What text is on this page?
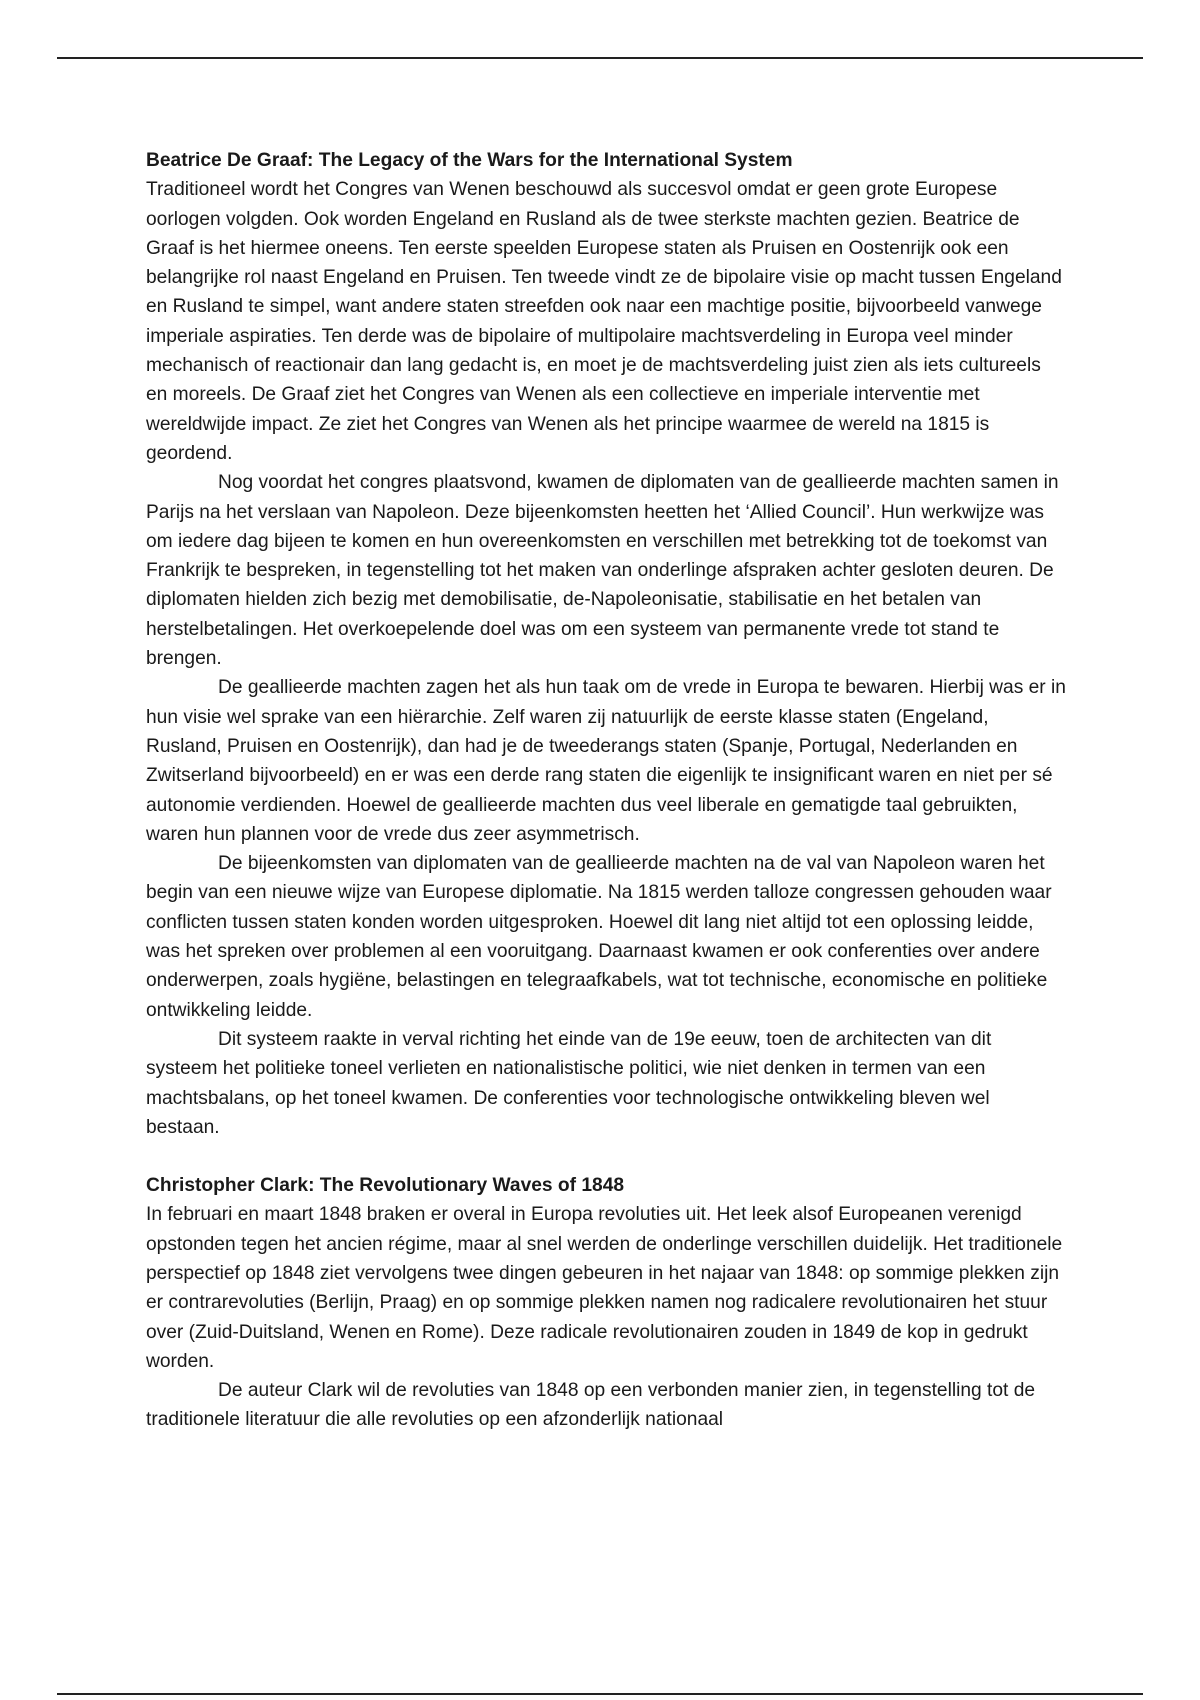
Beatrice De Graaf: The Legacy of the Wars for the International System

Traditioneel wordt het Congres van Wenen beschouwd als succesvol omdat er geen grote Europese oorlogen volgden. Ook worden Engeland en Rusland als de twee sterkste machten gezien. Beatrice de Graaf is het hiermee oneens. Ten eerste speelden Europese staten als Pruisen en Oostenrijk ook een belangrijke rol naast Engeland en Pruisen. Ten tweede vindt ze de bipolaire visie op macht tussen Engeland en Rusland te simpel, want andere staten streefden ook naar een machtige positie, bijvoorbeeld vanwege imperiale aspiraties. Ten derde was de bipolaire of multipolaire machtsverdeling in Europa veel minder mechanisch of reactionair dan lang gedacht is, en moet je de machtsverdeling juist zien als iets cultureels en moreels. De Graaf ziet het Congres van Wenen als een collectieve en imperiale interventie met wereldwijde impact. Ze ziet het Congres van Wenen als het principe waarmee de wereld na 1815 is geordend.

Nog voordat het congres plaatsvond, kwamen de diplomaten van de geallieerde machten samen in Parijs na het verslaan van Napoleon. Deze bijeenkomsten heetten het ‘Allied Council’. Hun werkwijze was om iedere dag bijeen te komen en hun overeenkomsten en verschillen met betrekking tot de toekomst van Frankrijk te bespreken, in tegenstelling tot het maken van onderlinge afspraken achter gesloten deuren. De diplomaten hielden zich bezig met demobilisatie, de-Napoleonisatie, stabilisatie en het betalen van herstelbetalingen. Het overkoepelende doel was om een systeem van permanente vrede tot stand te brengen.

De geallieerde machten zagen het als hun taak om de vrede in Europa te bewaren. Hierbij was er in hun visie wel sprake van een hiërarchie. Zelf waren zij natuurlijk de eerste klasse staten (Engeland, Rusland, Pruisen en Oostenrijk), dan had je de tweederangs staten (Spanje, Portugal, Nederlanden en Zwitserland bijvoorbeeld) en er was een derde rang staten die eigenlijk te insignificant waren en niet per sé autonomie verdienden. Hoewel de geallieerde machten dus veel liberale en gematigde taal gebruikten, waren hun plannen voor de vrede dus zeer asymmetrisch.

De bijeenkomsten van diplomaten van de geallieerde machten na de val van Napoleon waren het begin van een nieuwe wijze van Europese diplomatie. Na 1815 werden talloze congressen gehouden waar conflicten tussen staten konden worden uitgesproken. Hoewel dit lang niet altijd tot een oplossing leidde, was het spreken over problemen al een vooruitgang. Daarnaast kwamen er ook conferenties over andere onderwerpen, zoals hygiëne, belastingen en telegraafkabels, wat tot technische, economische en politieke ontwikkeling leidde.

Dit systeem raakte in verval richting het einde van de 19e eeuw, toen de architecten van dit systeem het politieke toneel verlieten en nationalistische politici, wie niet denken in termen van een machtsbalans, op het toneel kwamen. De conferenties voor technologische ontwikkeling bleven wel bestaan.

Christopher Clark: The Revolutionary Waves of 1848

In februari en maart 1848 braken er overal in Europa revoluties uit. Het leek alsof Europeanen verenigd opstonden tegen het ancien régime, maar al snel werden de onderlinge verschillen duidelijk. Het traditionele perspectief op 1848 ziet vervolgens twee dingen gebeuren in het najaar van 1848: op sommige plekken zijn er contrarevoluties (Berlijn, Praag) en op sommige plekken namen nog radicalere revolutionairen het stuur over (Zuid-Duitsland, Wenen en Rome). Deze radicale revolutionairen zouden in 1849 de kop in gedrukt worden.

De auteur Clark wil de revoluties van 1848 op een verbonden manier zien, in tegenstelling tot de traditionele literatuur die alle revoluties op een afzonderlijk nationaal
